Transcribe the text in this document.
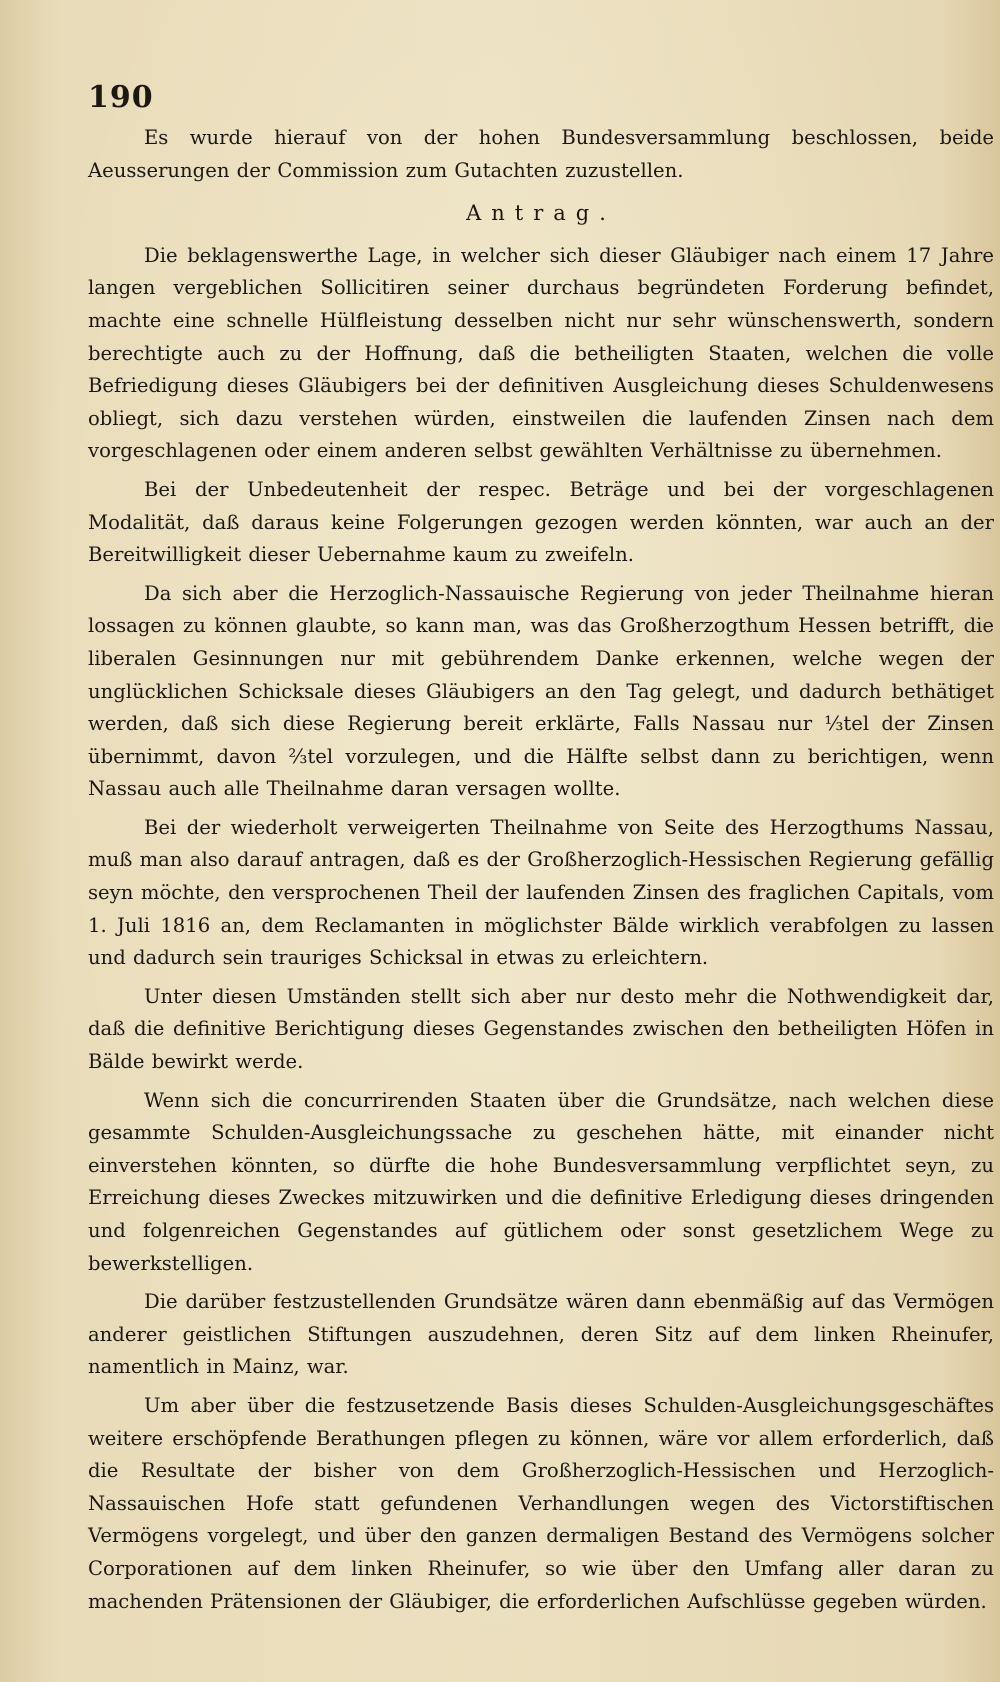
190

Es wurde hierauf von der hohen Bundesversammlung beschlossen, beide Aeusserungen der Commission zum Gutachten zuzustellen.

Antrag.

Die beklagenswerthe Lage, in welcher sich dieser Gläubiger nach einem 17 Jahre langen vergeblichen Sollicitiren seiner durchaus begründeten Forderung befindet, machte eine schnelle Hülfleistung desselben nicht nur sehr wünschenswerth, sondern berechtigte auch zu der Hoffnung, daß die betheiligten Staaten, welchen die volle Befriedigung dieses Gläubigers bei der definitiven Ausgleichung dieses Schuldenwesens obliegt, sich dazu verstehen würden, einstweilen die laufenden Zinsen nach dem vorgeschlagenen oder einem anderen selbst gewählten Verhältnisse zu übernehmen.

Bei der Unbedeutenheit der respec. Beträge und bei der vorgeschlagenen Modalität, daß daraus keine Folgerungen gezogen werden könnten, war auch an der Bereitwilligkeit dieser Uebernahme kaum zu zweifeln.

Da sich aber die Herzoglich-Nassauische Regierung von jeder Theilnahme hieran lossagen zu können glaubte, so kann man, was das Großherzogthum Hessen betrifft, die liberalen Gesinnungen nur mit gebührendem Danke erkennen, welche wegen der unglücklichen Schicksale dieses Gläubigers an den Tag gelegt, und dadurch bethätiget werden, daß sich diese Regierung bereit erklärte, Falls Nassau nur ⅓tel der Zinsen übernimmt, davon ⅔tel vorzulegen, und die Hälfte selbst dann zu berichtigen, wenn Nassau auch alle Theilnahme daran versagen wollte.

Bei der wiederholt verweigerten Theilnahme von Seite des Herzogthums Nassau, muß man also darauf antragen, daß es der Großherzoglich-Hessischen Regierung gefällig seyn möchte, den versprochenen Theil der laufenden Zinsen des fraglichen Capitals, vom 1. Juli 1816 an, dem Reclamanten in möglichster Bälde wirklich verabfolgen zu lassen und dadurch sein trauriges Schicksal in etwas zu erleichtern.

Unter diesen Umständen stellt sich aber nur desto mehr die Nothwendigkeit dar, daß die definitive Berichtigung dieses Gegenstandes zwischen den betheiligten Höfen in Bälde bewirkt werde.

Wenn sich die concurrirenden Staaten über die Grundsätze, nach welchen diese gesammte Schulden-Ausgleichungssache zu geschehen hätte, mit einander nicht einverstehen könnten, so dürfte die hohe Bundesversammlung verpflichtet seyn, zu Erreichung dieses Zweckes mitzuwirken und die definitive Erledigung dieses dringenden und folgenreichen Gegenstandes auf gütlichem oder sonst gesetzlichem Wege zu bewerkstelligen.

Die darüber festzustellenden Grundsätze wären dann ebenmäßig auf das Vermögen anderer geistlichen Stiftungen auszudehnen, deren Sitz auf dem linken Rheinufer, namentlich in Mainz, war.

Um aber über die festzusetzende Basis dieses Schulden-Ausgleichungsgeschäftes weitere erschöpfende Berathungen pflegen zu können, wäre vor allem erforderlich, daß die Resultate der bisher von dem Großherzoglich-Hessischen und Herzoglich-Nassauischen Hofe statt gefundenen Verhandlungen wegen des Victorstiftischen Vermögens vorgelegt, und über den ganzen dermaligen Bestand des Vermögens solcher Corporationen auf dem linken Rheinufer, so wie über den Umfang aller daran zu machenden Prätensionen der Gläubiger, die erforderlichen Aufschlüsse gegeben würden.
